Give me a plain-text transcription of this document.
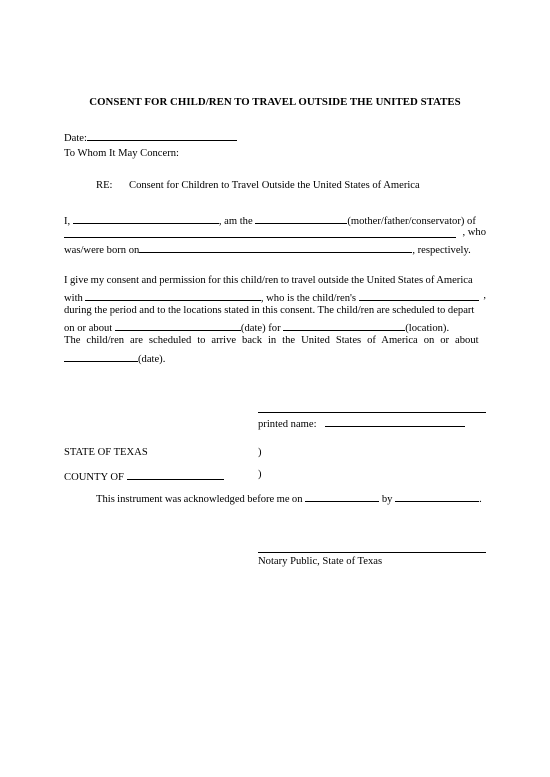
CONSENT FOR CHILD/REN TO TRAVEL OUTSIDE THE UNITED STATES
Date:
To Whom It May Concern:
RE: Consent for Children to Travel Outside the United States of America
I,	, am the	(mother/father/conservator) of
, who
was/were born on	, respectively.
I give my consent and permission for this child/ren to travel outside the United States of America
with	, who is the child/ren's	,
during the period and to the locations stated in this consent. The child/ren are scheduled to depart
on or about	(date) for	(location).
The child/ren are scheduled to arrive back in the United States of America on or about
(date).
printed name:
STATE OF TEXAS	)
COUNTY OF	)
This instrument was acknowledged before me on	by	.
Notary Public, State of Texas
